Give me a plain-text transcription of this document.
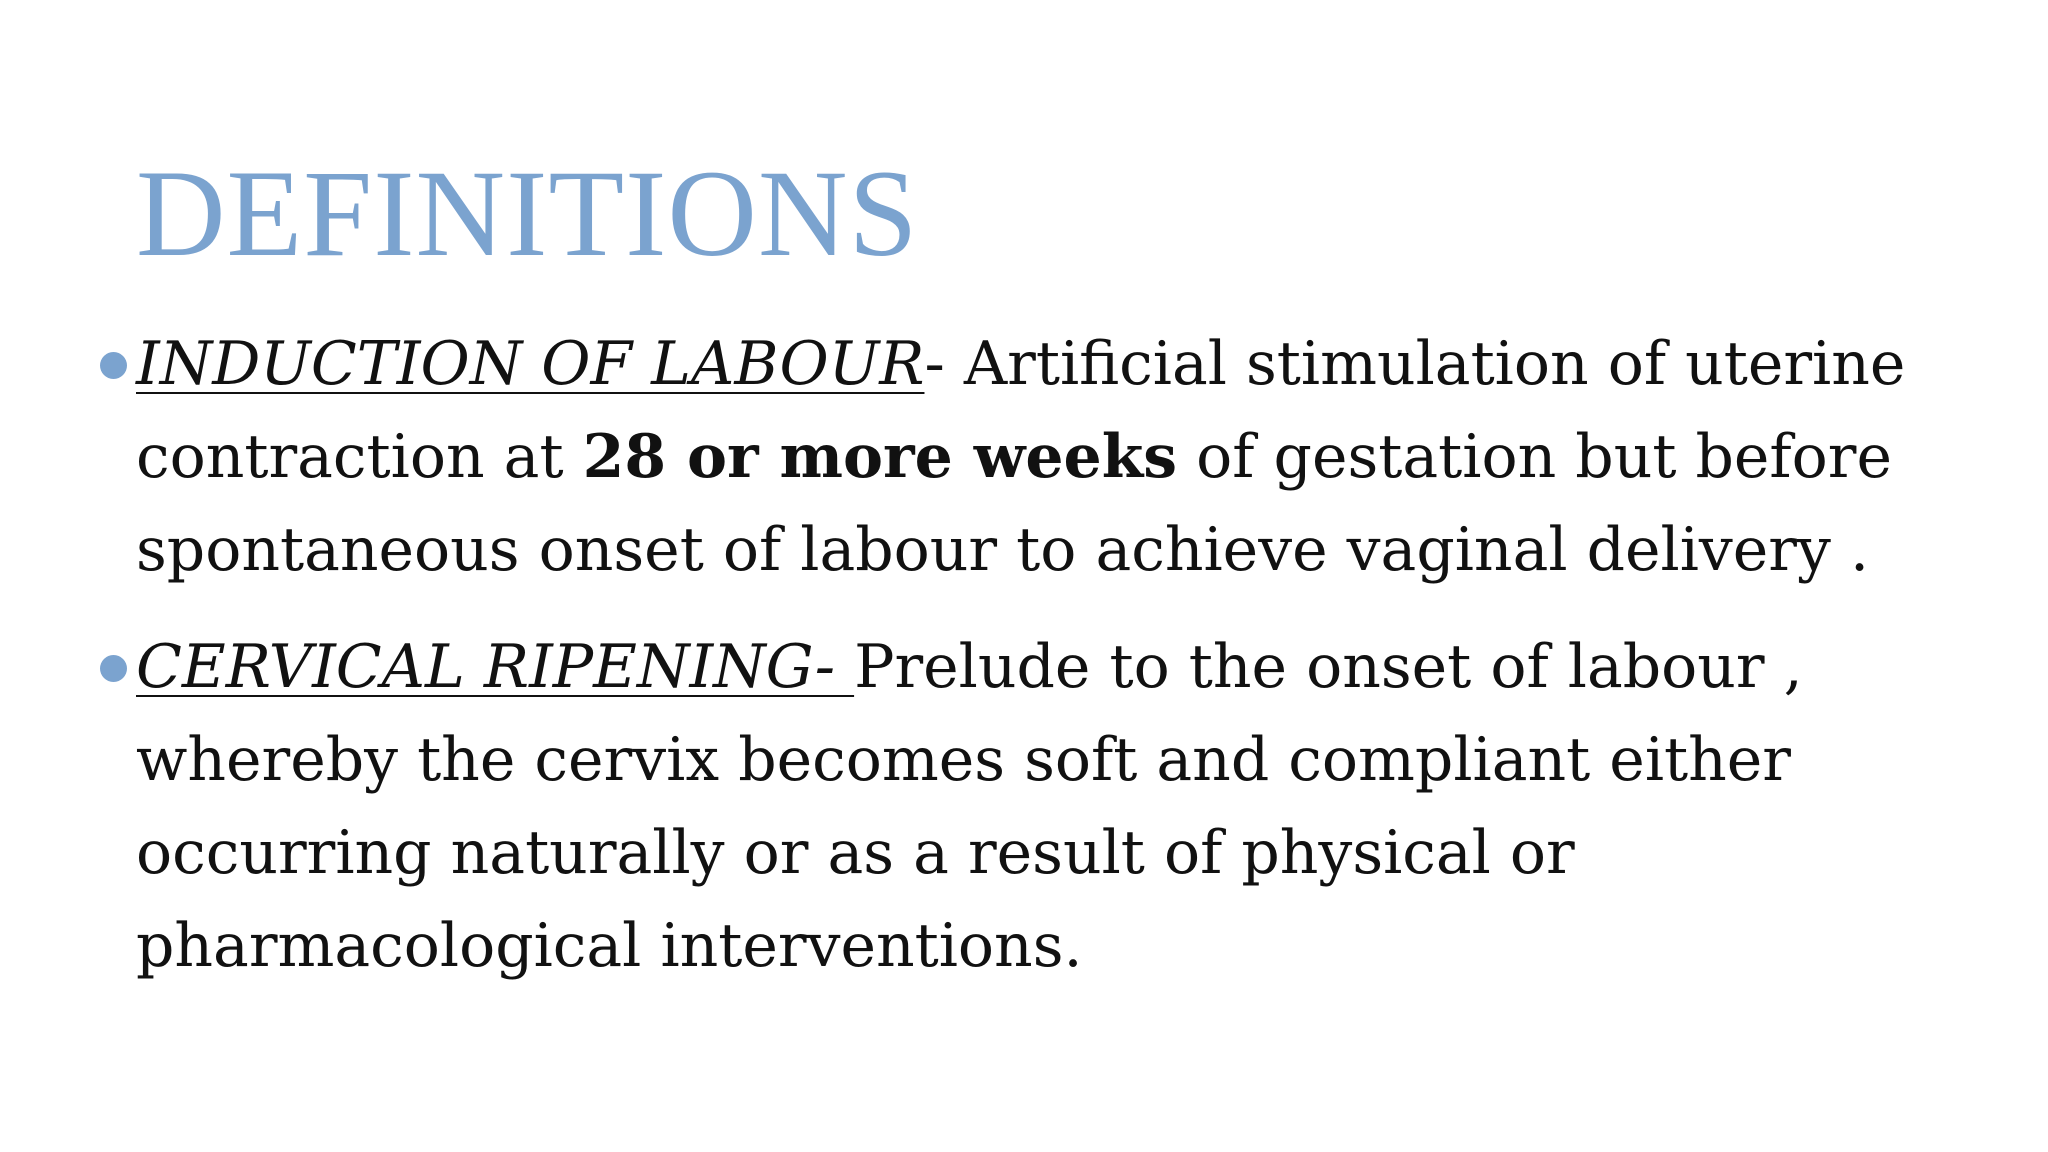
DEFINITIONS
INDUCTION OF LABOUR- Artificial stimulation of uterine contraction at 28 or more weeks of gestation but before spontaneous onset of labour to achieve vaginal delivery .
CERVICAL RIPENING- Prelude to the onset of labour , whereby the cervix becomes soft and compliant either occurring naturally or as a result of physical or pharmacological interventions.
